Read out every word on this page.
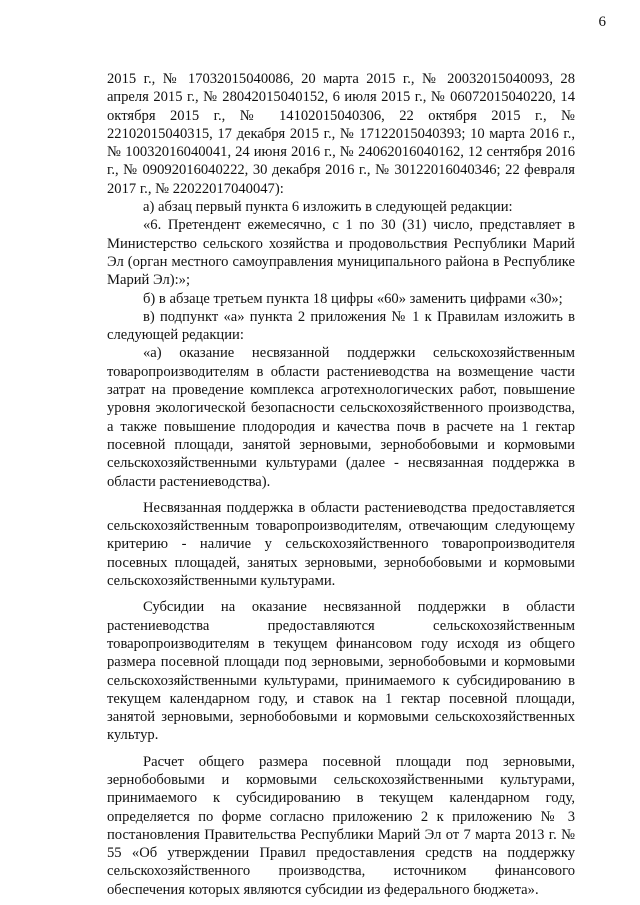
6

2015 г., № 17032015040086, 20 марта 2015 г., № 20032015040093, 28 апреля 2015 г., № 28042015040152, 6 июля 2015 г., № 06072015040220, 14 октября 2015 г., № 14102015040306, 22 октября 2015 г., № 22102015040315, 17 декабря 2015 г., № 17122015040393; 10 марта 2016 г., № 10032016040041, 24 июня 2016 г., № 24062016040162, 12 сентября 2016 г., № 09092016040222, 30 декабря 2016 г., № 30122016040346; 22 февраля 2017 г., № 22022017040047):

а) абзац первый пункта 6 изложить в следующей редакции:

«6. Претендент ежемесячно, с 1 по 30 (31) число, представляет в Министерство сельского хозяйства и продовольствия Республики Марий Эл (орган местного самоуправления муниципального района в Республике Марий Эл):»;

б) в абзаце третьем пункта 18 цифры «60» заменить цифрами «30»;

в) подпункт «а» пункта 2 приложения № 1 к Правилам изложить в следующей редакции:

«а) оказание несвязанной поддержки сельскохозяйственным товаропроизводителям в области растениеводства на возмещение части затрат на проведение комплекса агротехнологических работ, повышение уровня экологической безопасности сельскохозяйственного производства, а также повышение плодородия и качества почв в расчете на 1 гектар посевной площади, занятой зерновыми, зернобобовыми и кормовыми сельскохозяйственными культурами (далее - несвязанная поддержка в области растениеводства).

Несвязанная поддержка в области растениеводства предоставляется сельскохозяйственным товаропроизводителям, отвечающим следующему критерию - наличие у сельскохозяйственного товаропроизводителя посевных площадей, занятых зерновыми, зернобобовыми и кормовыми сельскохозяйственными культурами.

Субсидии на оказание несвязанной поддержки в области растениеводства предоставляются сельскохозяйственным товаропроизводителям в текущем финансовом году исходя из общего размера посевной площади под зерновыми, зернобобовыми и кормовыми сельскохозяйственными культурами, принимаемого к субсидированию в текущем календарном году, и ставок на 1 гектар посевной площади, занятой зерновыми, зернобобовыми и кормовыми сельскохозяйственных культур.

Расчет общего размера посевной площади под зерновыми, зернобобовыми и кормовыми сельскохозяйственными культурами, принимаемого к субсидированию в текущем календарном году, определяется по форме согласно приложению 2 к приложению № 3 постановления Правительства Республики Марий Эл от 7 марта 2013 г. № 55 «Об утверждении Правил предоставления средств на поддержку сельскохозяйственного производства, источником финансового обеспечения которых являются субсидии из федерального бюджета».
